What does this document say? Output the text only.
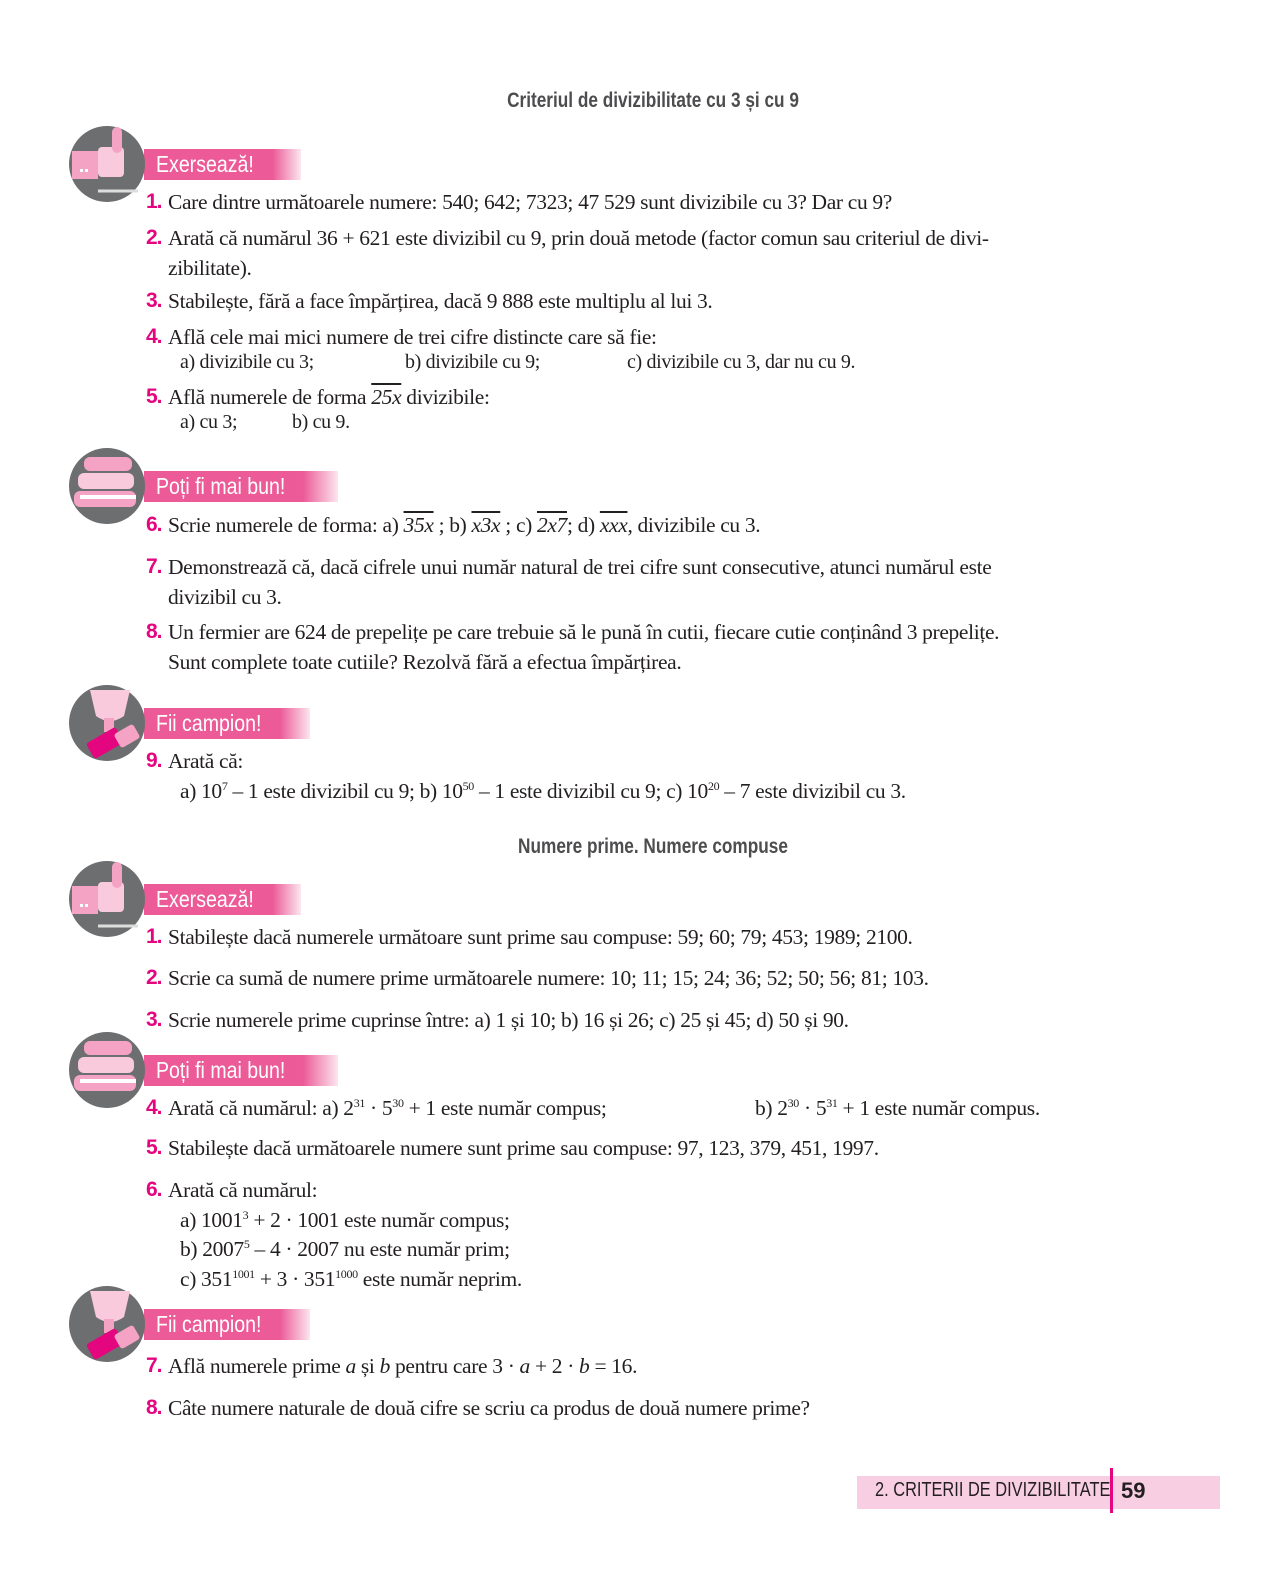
Criteriul de divizibilitate cu 3 și cu 9
Numere prime. Numere compuse
Exersează!
Poți fi mai bun!
Fii campion!
Exersează!
Poți fi mai bun!
Fii campion!
1. Care dintre următoarele numere: 540; 642; 7323; 47 529 sunt divizibile cu 3? Dar cu 9?
2. Arată că numărul 36 + 621 este divizibil cu 9, prin două metode (factor comun sau criteriul de divi-
zibilitate).
3. Stabilește, fără a face împărțirea, dacă 9 888 este multiplu al lui 3.
4. Află cele mai mici numere de trei cifre distincte care să fie:
a) divizibile cu 3;	b) divizibile cu 9;	c) divizibile cu 3, dar nu cu 9.
5. Află numerele de forma 25x divizibile:
a) cu 3;	b) cu 9.
6. Scrie numerele de forma: a) 35x ; b) x3x ; c) 2x7; d) $\overline{xxx}$, divizibile cu 3.
7. Demonstrează că, dacă cifrele unui număr natural de trei cifre sunt consecutive, atunci numărul este
divizibil cu 3.
8. Un fermier are 624 de prepelițe pe care trebuie să le pună în cutii, fiecare cutie conținând 3 prepelițe.
Sunt complete toate cutiile? Rezolvă fără a efectua împărțirea.
9. Arată că:
a) $10^7 - 1$ este divizibil cu 9; b) $10^{50} - 1$ este divizibil cu 9; c) $10^{20} - 7$ este divizibil cu 3.
1. Stabilește dacă numerele următoare sunt prime sau compuse: 59; 60; 79; 453; 1989; 2100.
2. Scrie ca sumă de numere prime următoarele numere: 10; 11; 15; 24; 36; 52; 50; 56; 81; 103.
3. Scrie numerele prime cuprinse între: a) 1 și 10; b) 16 și 26; c) 25 și 45; d) 50 și 90.
4. Arată că numărul: a) $2^{31} \cdot 5^{30} + 1$ este număr compus;	b) $2^{30} \cdot 5^{31} + 1$ este număr compus.
5. Stabilește dacă următoarele numere sunt prime sau compuse: 97, 123, 379, 451, 1997.
6. Arată că numărul:
a) $1001^3 + 2 \cdot 1001$ este număr compus;
b) 2007$^5$ – 4 · 2007 nu este număr prim;
c) $351^{1001} + 3 \cdot 351^{1000}$ este număr neprim.
7. Află numerele prime a și b pentru care 3 · a + 2 · b = 16.
8. Câte numere naturale de două cifre se scriu ca produs de două numere prime?
2. CRITERII DE DIVIZIBILITATE 59
